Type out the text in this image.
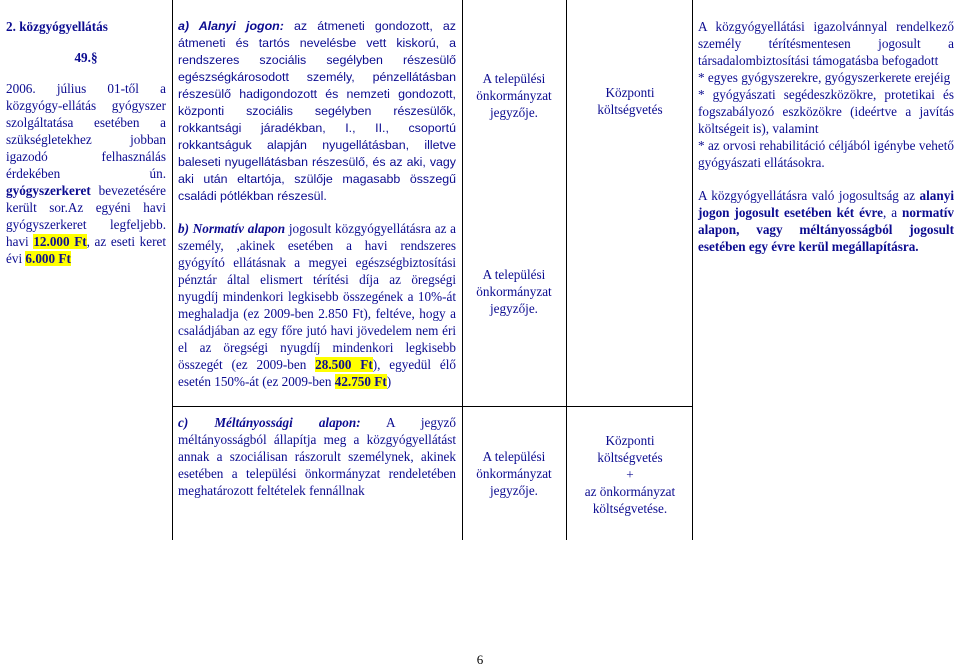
2. közgyógyellátás
49.§
2006. július 01-től a közgyógy-ellátás gyógyszer szolgáltatása esetében a szükségletekhez jobban igazodó felhasználás érdekében ún. gyógyszerkeret bevezetésére került sor.Az egyéni havi gyógyszerkeret legfeljebb. havi 12.000 Ft, az eseti keret évi 6.000 Ft
a) Alanyi jogon: az átmeneti gondozott, az átmeneti és tartós nevelésbe vett kiskorú, a rendszeres szociális segélyben részesülő egészségkárosodott személy, pénzellátásban részesülő hadigondozott és nemzeti gondozott, központi szociális segélyben részesülők, rokkantsági járadékban, I., II., csoportú rokkantságuk alapján nyugellátásban, illetve baleseti nyugellátásban részesülő, és az aki, vagy aki után eltartója, szülője magasabb összegű családi pótlékban részesül.
b) Normatív alapon jogosult közgyógyellátásra az a személy, ,akinek esetében a havi rendszeres gyógyító ellátásnak a megyei egészségbiztosítási pénztár által elismert térítési díja az öregségi nyugdíj mindenkori legkisebb összegének a 10%-át meghaladja (ez 2009-ben 2.850 Ft), feltéve, hogy a családjában az egy főre jutó havi jövedelem nem éri el az öregségi nyugdíj mindenkori legkisebb összegét (ez 2009-ben 28.500 Ft), egyedül élő esetén 150%-át (ez 2009-ben 42.750 Ft)
A települési önkormányzat jegyzője.
A települési önkormányzat jegyzője.
Központi költségvetés
A közgyógyellátási igazolvánnyal rendelkező személy térítésmentesen jogosult a társadalombiztosítási támogatásba befogadott
* egyes gyógyszerekre, gyógyszerkerete erejéig
* gyógyászati segédeszközökre, protetikai és fogszabályozó eszközökre (ideértve a javítás költségeit is), valamint
* az orvosi rehabilitáció céljából igénybe vehető gyógyászati ellátásokra.
A közgyógyellátásra való jogosultság az alanyi jogon jogosult esetében két évre, a normatív alapon, vagy méltányosságból jogosult esetében egy évre kerül megállapításra.
c) Méltányossági alapon: A jegyző méltányosságból állapítja meg a közgyógyellátást annak a szociálisan rászorult személynek, akinek esetében a települési önkormányzat rendeletében meghatározott feltételek fennállnak
A települési önkormányzat jegyzője.
Központi költségvetés
+
az önkormányzat költségvetése.
6
